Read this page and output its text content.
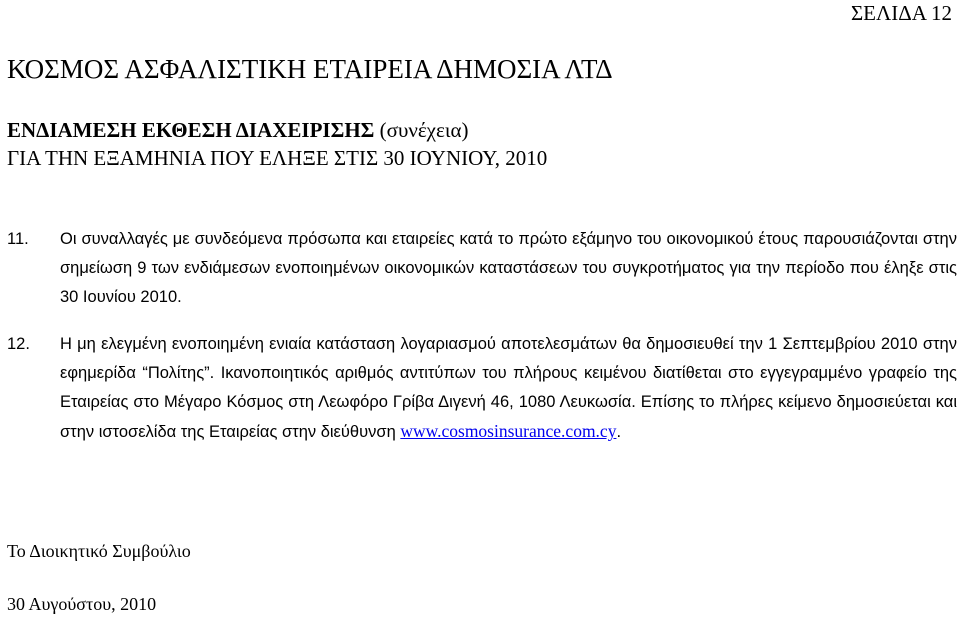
ΣΕΛΙΔΑ 12
ΚΟΣΜΟΣ ΑΣΦΑΛΙΣΤΙΚΗ ΕΤΑΙΡΕΙΑ ΔΗΜΟΣΙΑ ΛΤΔ

ΕΝΔΙΑΜΕΣΗ ΕΚΘΕΣΗ ΔΙΑΧΕΙΡΙΣΗΣ (συνέχεια)

ΓΙΑ ΤΗΝ ΕΞΑΜΗΝΙΑ ΠΟΥ ΕΛΗΞΕ ΣΤΙΣ 30 ΙΟΥΝΙΟΥ, 2010

11. Οι συναλλαγές με συνδεόμενα πρόσωπα και εταιρείες κατά το πρώτο εξάμηνο του οικονομικού έτους παρουσιάζονται στην σημείωση 9 των ενδιάμεσων ενοποιημένων οικονομικών καταστάσεων του συγκροτήματος για την περίοδο που έληξε στις 30 Ιουνίου 2010.
12. Η μη ελεγμένη ενοποιημένη ενιαία κατάσταση λογαριασμού αποτελεσμάτων θα δημοσιευθεί την 1 Σεπτεμβρίου 2010 στην εφημερίδα “Πολίτης”. Ικανοποιητικός αριθμός αντιτύπων του πλήρους κειμένου διατίθεται στο εγγεγραμμένο γραφείο της Εταιρείας στο Μέγαρο Κόσμος στη Λεωφόρο Γρίβα Διγενή 46, 1080 Λευκωσία. Επίσης το πλήρες κείμενο δημοσιεύεται και στην ιστοσελίδα της Εταιρείας στην διεύθυνση www.cosmosinsurance.com.cy.

Το Διοικητικό Συμβούλιο

30 Αυγούστου, 2010
